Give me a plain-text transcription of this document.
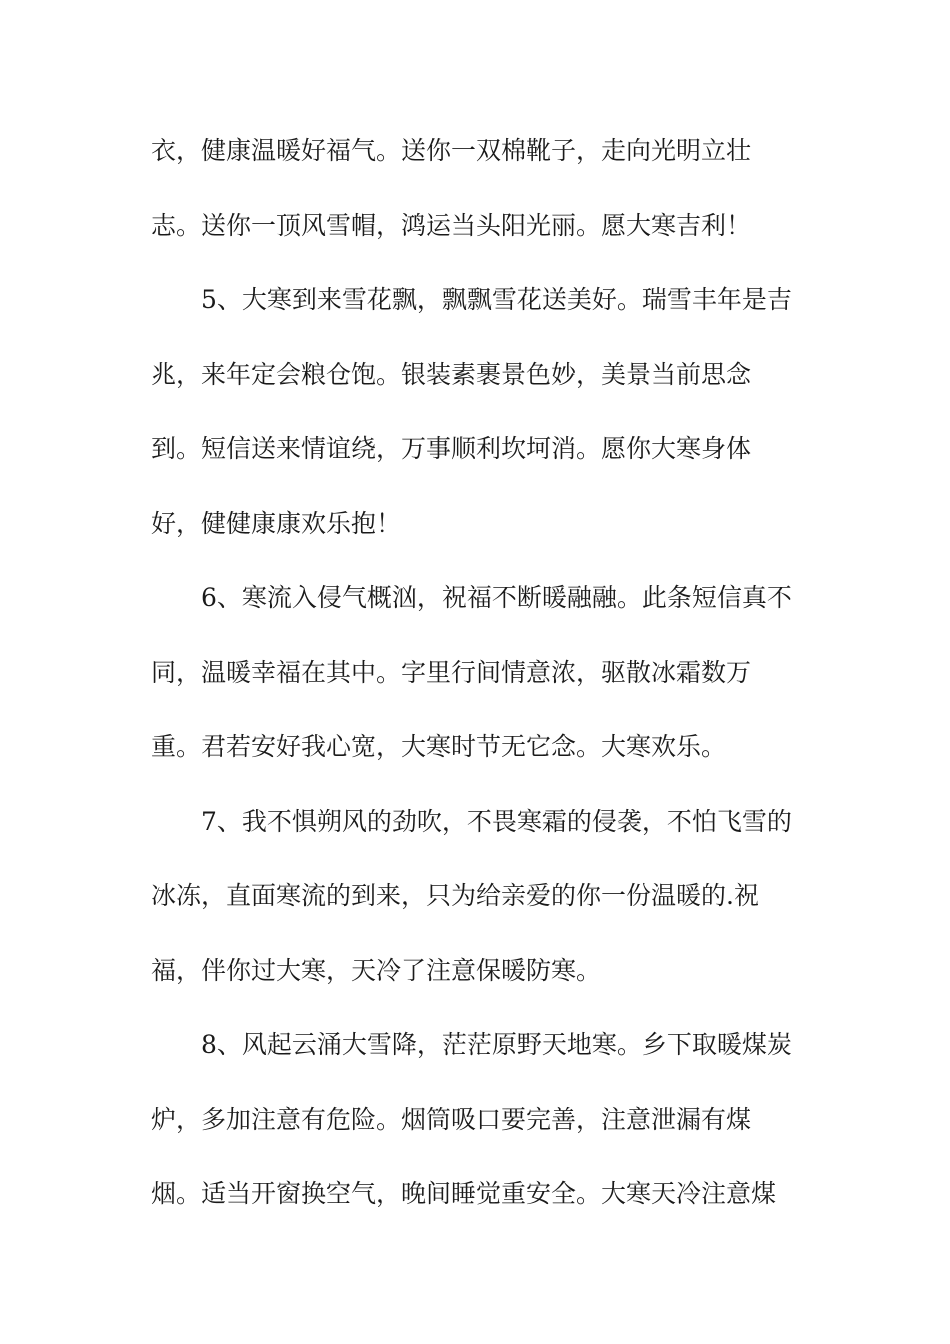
衣，健康温暖好福气。送你一双棉靴子，走向光明立壮
志。送你一顶风雪帽，鸿运当头阳光丽。愿大寒吉利！
5、大寒到来雪花飘，飘飘雪花送美好。瑞雪丰年是吉
兆，来年定会粮仓饱。银装素裹景色妙，美景当前思念
到。短信送来情谊绕，万事顺利坎坷消。愿你大寒身体
好，健健康康欢乐抱！
6、寒流入侵气概汹，祝福不断暖融融。此条短信真不
同，温暖幸福在其中。字里行间情意浓，驱散冰霜数万
重。君若安好我心宽，大寒时节无它念。大寒欢乐。
7、我不惧朔风的劲吹，不畏寒霜的侵袭，不怕飞雪的
冰冻，直面寒流的到来，只为给亲爱的你一份温暖的.祝
福，伴你过大寒，天冷了注意保暖防寒。
8、风起云涌大雪降，茫茫原野天地寒。乡下取暖煤炭
炉，多加注意有危险。烟筒吸口要完善，注意泄漏有煤
烟。适当开窗换空气，晚间睡觉重安全。大寒天冷注意煤
